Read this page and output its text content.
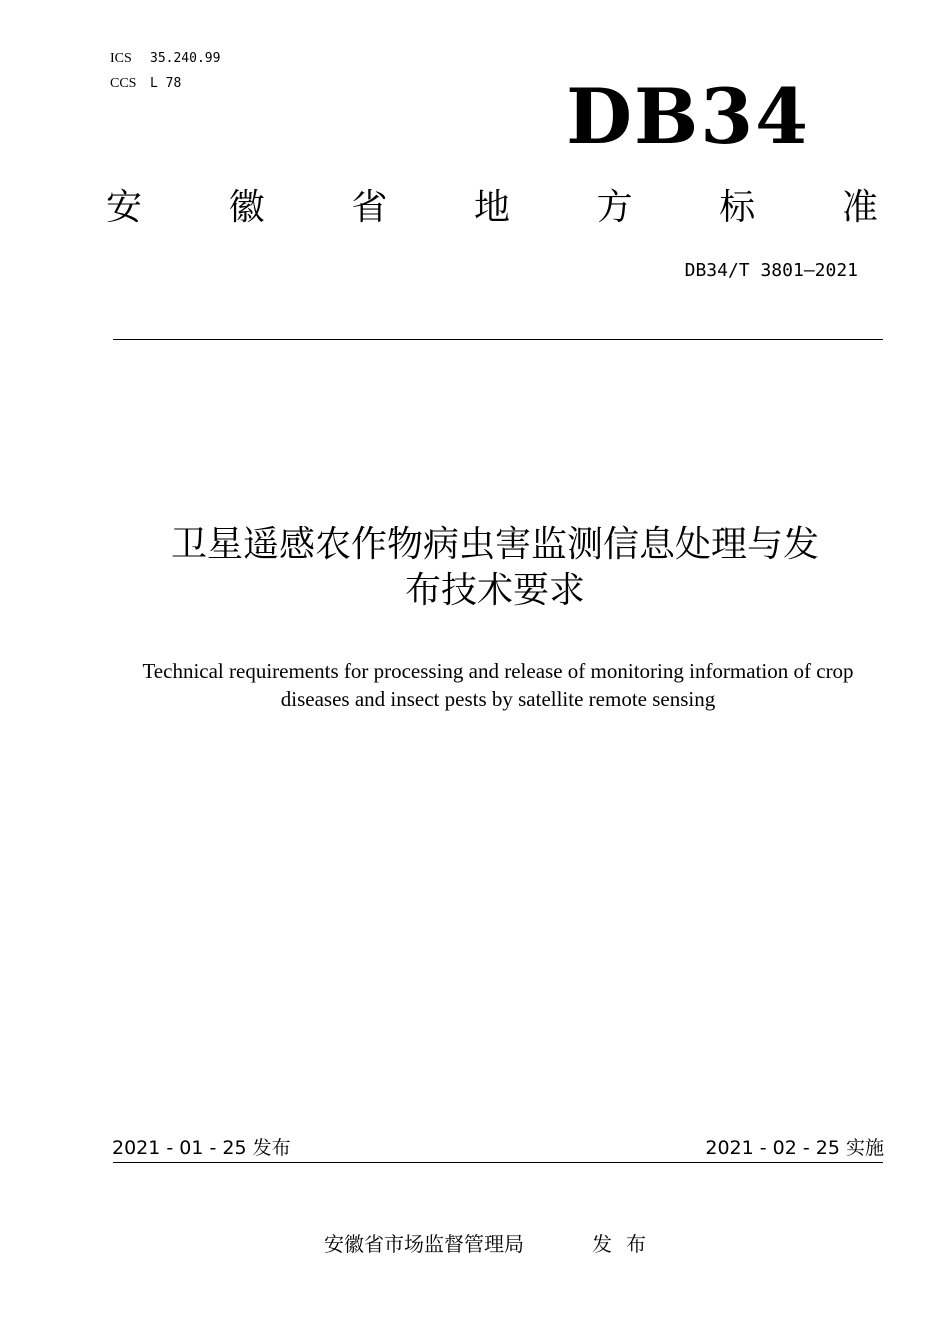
ICS 35.240.99
CCS L 78	DB34
安 徽 省 地 方 标 准
DB34/T 3801—2021
卫星遥感农作物病虫害监测信息处理与发
布技术要求
Technical requirements for processing and release of monitoring information of crop
diseases and insect pests by satellite remote sensing
2021 - 01 - 25 发布	2021 - 02 - 25 实施
安徽省市场监督管理局	发布
